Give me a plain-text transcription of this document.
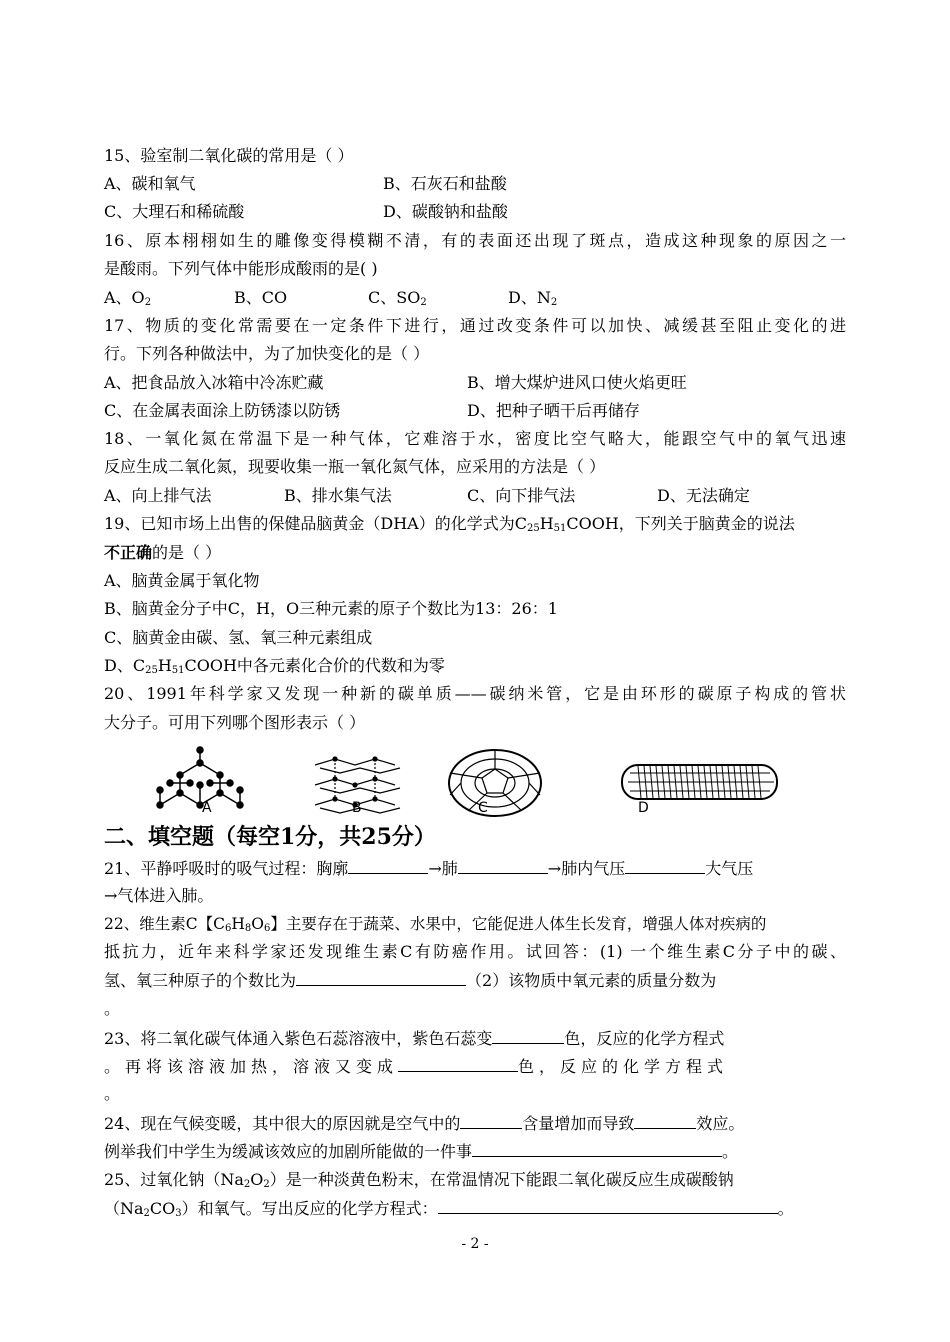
15、验室制二氧化碳的常用是（ ）
A、碳和氧气	B、石灰石和盐酸
C、大理石和稀硫酸	D、碳酸钠和盐酸
16、原本栩栩如生的雕像变得模糊不清，有的表面还出现了斑点，造成这种现象的原因之一
是酸雨。下列气体中能形成酸雨的是( )
A、$O_2$	B、CO	C、$SO_2$	D、$N_2$
17、物质的变化常需要在一定条件下进行，通过改变条件可以加快、减缓甚至阻止变化的进
行。下列各种做法中，为了加快变化的是（ ）
A、把食品放入冰箱中冷冻贮藏	B、增大煤炉进风口使火焰更旺
C、在金属表面涂上防锈漆以防锈	D、把种子晒干后再储存
18、一氧化氮在常温下是一种气体，它难溶于水，密度比空气略大，能跟空气中的氧气迅速
反应生成二氧化氮，现要收集一瓶一氧化氮气体，应采用的方法是（ ）
A、向上排气法	B、排水集气法	C、向下排气法	D、无法确定
19、已知市场上出售的保健品脑黄金（DHA）的化学式为$C_{25}H_{51}COOH$，下列关于脑黄金的说法
不正确的是（ ）
A、脑黄金属于氧化物
B、脑黄金分子中C，H，O三种元素的原子个数比为13：26：1
C、脑黄金由碳、氢、氧三种元素组成
D、$C_{25}H_{51}COOH$中各元素化合价的代数和为零
20、1991年科学家又发现一种新的碳单质——碳纳米管，它是由环形的碳原子构成的管状
大分子。可用下列哪个图形表示（ ）
A	B	C	D
二、填空题（每空1分，共25分）
21、平静呼吸时的吸气过程：胸廓	→肺	→肺内气压	大气压
→气体进入肺。
22、维生素C【$C_6H_8O_6$】主要存在于蔬菜、水果中，它能促进人体生长发育，增强人体对疾病的
抵抗力，近年来科学家还发现维生素C有防癌作用。试回答：(1) 一个维生素C分子中的碳、
氢、氧三种原子的个数比为	（2）该物质中氧元素的质量分数为
。
23、将二氧化碳气体通入紫色石蕊溶液中，紫色石蕊变	色，反应的化学方程式
。再将该溶液加热，溶液又变成	色，反应的化学方程式
。
24、现在气候变暖，其中很大的原因就是空气中的	含量增加而导致	效应。
例举我们中学生为缓减该效应的加剧所能做的一件事	。
25、过氧化钠$(Na_2O_2)$是一种淡黄色粉末，在常温情况下能跟二氧化碳反应生成碳酸钠
$(Na_2CO_3)$和氧气。写出反应的化学方程式：	。
- 2 -
